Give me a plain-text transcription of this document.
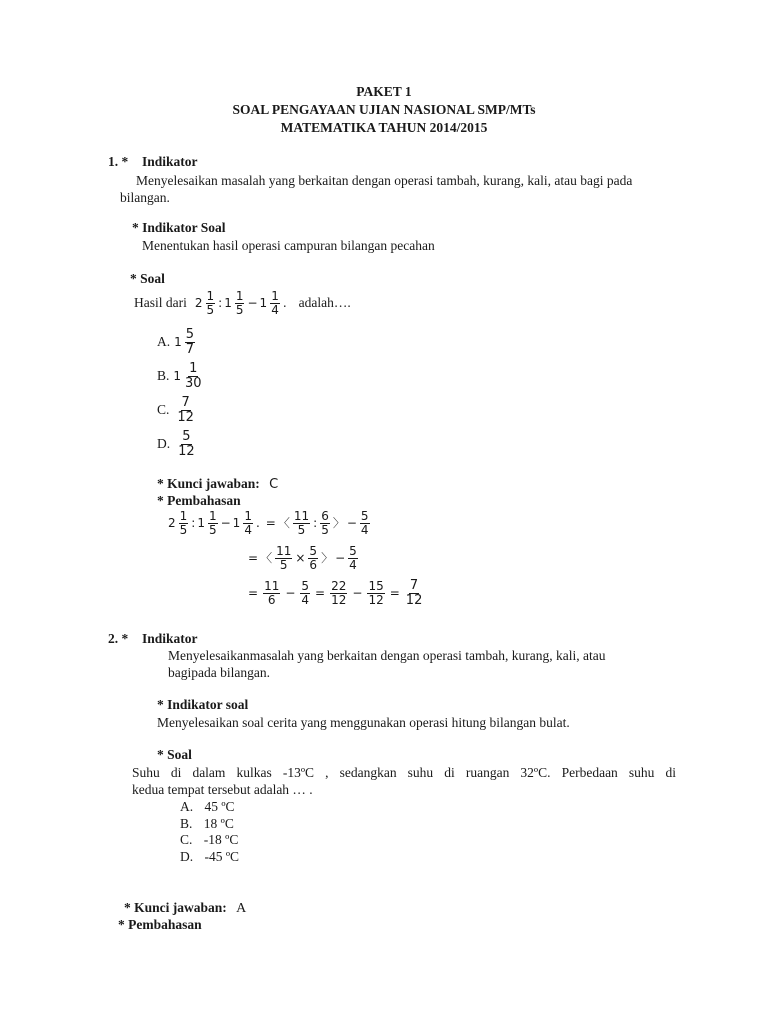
PAKET 1
SOAL PENGAYAAN UJIAN NASIONAL SMP/MTs
MATEMATIKA TAHUN 2014/2015
1. * Indikator
Menyelesaikan masalah yang berkaitan dengan operasi tambah, kurang, kali, atau bagi pada bilangan.
* Indikator Soal
Menentukan hasil operasi campuran bilangan pecahan
* Soal
Hasil dari $2 \frac{1}{5}$ : $1 \frac{1}{5} - 1 \frac{1}{4}$ . adalah….
A. $1 \frac{5}{7}$
B. $1 \frac{1}{30}$
C. $\frac{7}{12}$
D. $\frac{5}{12}$
* Kunci jawaban: C
* Pembahasan
$2 \frac{1}{5}$ : $1 \frac{1}{5} - 1 \frac{1}{4}$ . = 〈 $\frac{11}{5}$ : $\frac{6}{5}$ 〉 − $\frac{5}{4}$
= 〈 $\frac{11}{5} \times \frac{5}{6}$ 〉 − $\frac{5}{4}$
= $\frac{11}{6} - \frac{5}{4} = \frac{22}{12} - \frac{15}{12} = \frac{7}{12}$
2. * Indikator
Menyelesaikanmasalah yang berkaitan dengan operasi tambah, kurang, kali, atau
bagipada bilangan.
* Indikator soal
Menyelesaikan soal cerita yang menggunakan operasi hitung bilangan bulat.
* Soal
Suhu di dalam kulkas -13ºC , sedangkan suhu di ruangan 32ºC. Perbedaan suhu di
kedua tempat tersebut adalah … .
A. 45 ºC
B. 18 ºC
C. -18 ºC
D. -45 ºC
* Kunci jawaban: A
* Pembahasan
